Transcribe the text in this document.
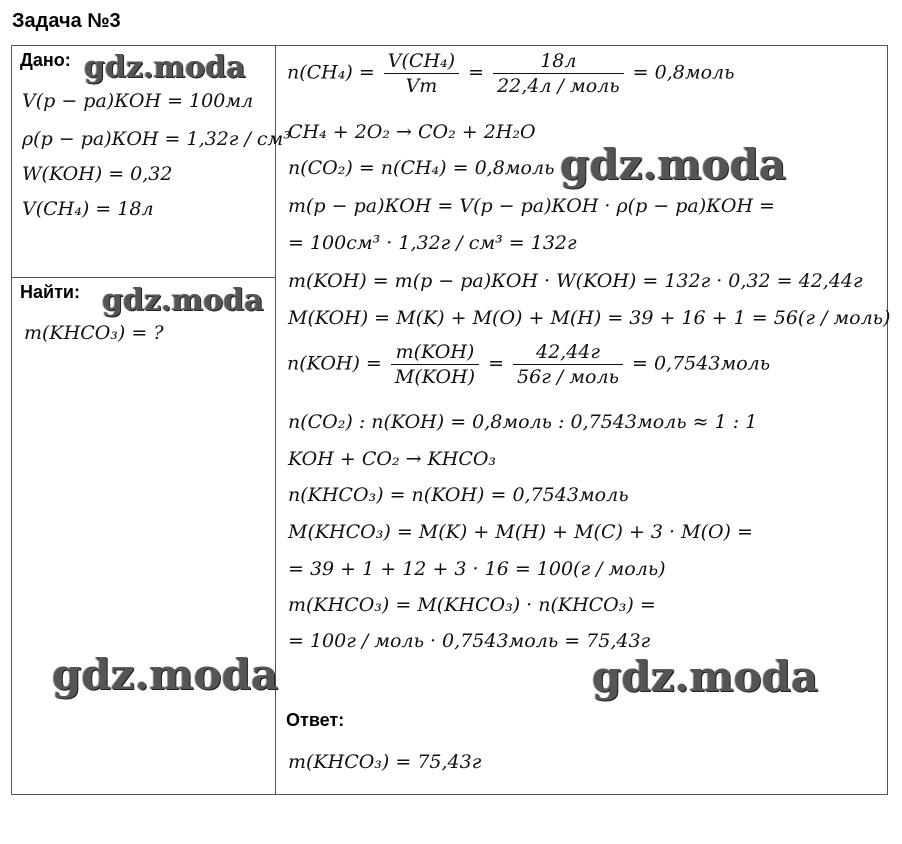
Задача №3
Дано:
V(p − pa)КОН = 100мл
ρ(p − pa)КОН = 1,32г / см³
W(KOH) = 0,32
V(CH₄) = 18л
Найти:
m(KHCO₃) = ?
$n(CH_4) = \frac{\text{V(CH₄)}}{Vm} = \frac{18л}{\text{22,4л / моль}}$ = 0,8моль
CH₄ + 2O₂ → CO₂ + 2H₂O
n(CO₂) = n(CH₄) = 0,8моль
m(p − pa)КОН = V(p − pa)КОН · ρ(p − pa)КОН =
= 100см³ · 1,32г / см³ = 132г
m(KOH) = m(p − pa)КОН · W(KOH) = 132г · 0,32 = 42,44г
M(KOH) = M(K) + M(O) + M(H) = 39 + 16 + 1 = 56(г / моль)
$n(KOH) = \frac{\text{m(KOH)}}{\text{M(KOH)}} = \frac{42,44г}{\text{56г / моль}}$ = 0,7543моль
n(CO₂) : n(KOH) = 0,8моль : 0,7543моль ≈ 1 : 1
KOH + CO₂ → KHCO₃
n(KHCO₃) = n(KOH) = 0,7543моль
M(KHCO₃) = M(K) + M(H) + M(C) + 3 · M(O) =
= 39 + 1 + 12 + 3 · 16 = 100(г / моль)
m(KHCO₃) = M(KHCO₃) · n(KHCO₃) =
= 100г / моль · 0,7543моль = 75,43г
Ответ:
m(KHCO₃) = 75,43г
gdz.moda
gdz.moda
gdz.moda
gdz.moda	gdz.moda
